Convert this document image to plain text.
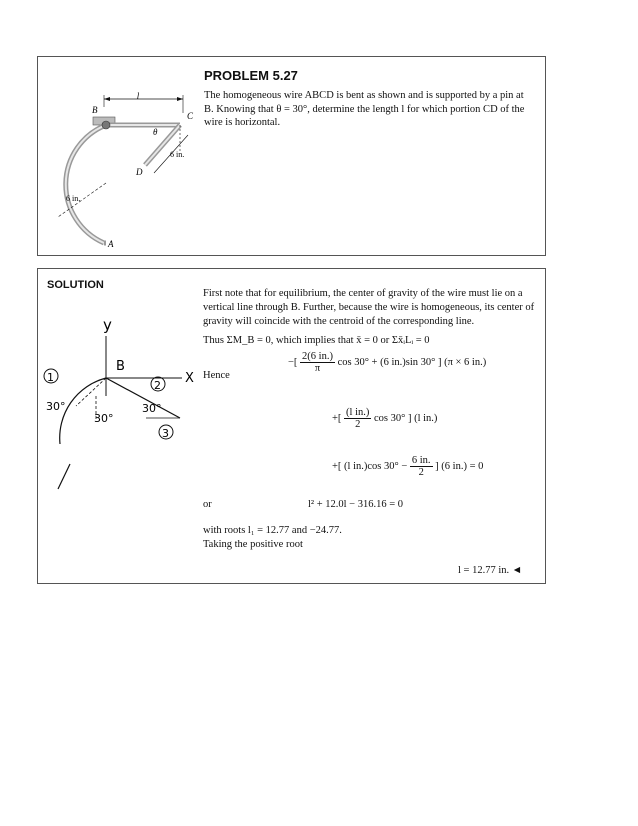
l
B
C
D
A
θ
6 in.
6 in.
PROBLEM 5.27
The homogeneous wire ABCD is bent as shown and is supported by a pin at B. Knowing that θ = 30°, determine the length l for which portion CD of the wire is horizontal.
SOLUTION
y
X
B
1
2
3
30°
30°
30°
First note that for equilibrium, the center of gravity of the wire must lie on a vertical line through B. Further, because the wire is homogeneous, its center of gravity will coincide with the centroid of the corresponding line.
Thus ΣM_B = 0, which implies that x̄ = 0 or Σx̄ᵢLᵢ = 0
Hence
−[ $\frac{2(6 in.)}{\pi}$ cos 30° + (6 in.)sin 30° ] (π × 6 in.)
+[ $\frac{\text{(l in.)}}{2}$ cos 30° ] (l in.)
+[ (l in.)cos $30^\circ - \frac{6 in.}{2}$ ] (6 in.) = 0
or	l² + 12.0l − 316.16 = 0
with roots l₁ = 12.77 and −24.77.
Taking the positive root
l = 12.77 in. ◄
